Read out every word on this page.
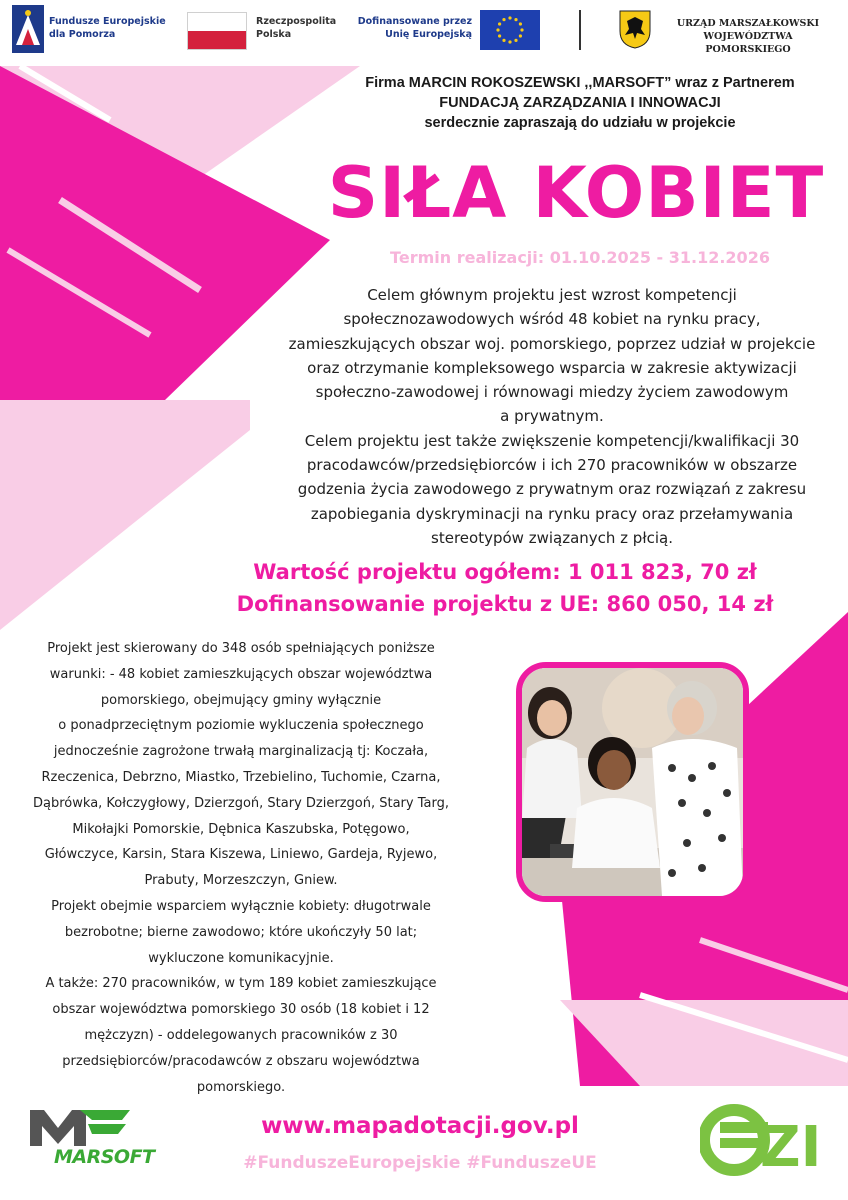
Fundusze Europejskie
dla Pomorza
Rzeczpospolita
Polska
Dofinansowane przez
Unię Europejską
URZĄD MARSZAŁKOWSKI
WOJEWÓDZTWA POMORSKIEGO
Firma MARCIN ROKOSZEWSKI ,,MARSOFT” wraz z Partnerem
FUNDACJĄ ZARZĄDZANIA I INNOWACJI
serdecznie zapraszają do udziału w projekcie
SIŁA KOBIET
Termin realizacji: 01.10.2025 - 31.12.2026
Celem głównym projektu jest wzrost kompetencji
społecznozawodowych wśród 48 kobiet na rynku pracy,
zamieszkujących obszar woj. pomorskiego, poprzez udział w projekcie
oraz otrzymanie kompleksowego wsparcia w zakresie aktywizacji
społeczno-zawodowej i równowagi miedzy życiem zawodowym
a prywatnym.
Celem projektu jest także zwiększenie kompetencji/kwalifikacji 30
pracodawców/przedsiębiorców i ich 270 pracowników w obszarze
godzenia życia zawodowego z prywatnym oraz rozwiązań z zakresu
zapobiegania dyskryminacji na rynku pracy oraz przełamywania
stereotypów związanych z płcią.
Wartość projektu ogółem: 1 011 823, 70 zł
Dofinansowanie projektu z UE: 860 050, 14 zł
Projekt jest skierowany do 348 osób spełniających poniższe
warunki: - 48 kobiet zamieszkujących obszar województwa
pomorskiego, obejmujący gminy wyłącznie
o ponadprzeciętnym poziomie wykluczenia społecznego
jednocześnie zagrożone trwałą marginalizacją tj: Koczała,
Rzeczenica, Debrzno, Miastko, Trzebielino, Tuchomie, Czarna,
Dąbrówka, Kołczygłowy, Dzierzgoń, Stary Dzierzgoń, Stary Targ,
Mikołajki Pomorskie, Dębnica Kaszubska, Potęgowo,
Główczyce, Karsin, Stara Kiszewa, Liniewo, Gardeja, Ryjewo,
Prabuty, Morzeszczyn, Gniew.
Projekt obejmie wsparciem wyłącznie kobiety: długotrwale
bezrobotne; bierne zawodowo; które ukończyły 50 lat;
wykluczone komunikacyjnie.
A także: 270 pracowników, w tym 189 kobiet zamieszkujące
obszar województwa pomorskiego 30 osób (18 kobiet i 12
mężczyzn) - oddelegowanych pracowników z 30
przedsiębiorców/pracodawców z obszaru województwa
pomorskiego.
MARSOFT
www.mapadotacji.gov.pl
#FunduszeEuropejskie #FunduszeUE	ZI
